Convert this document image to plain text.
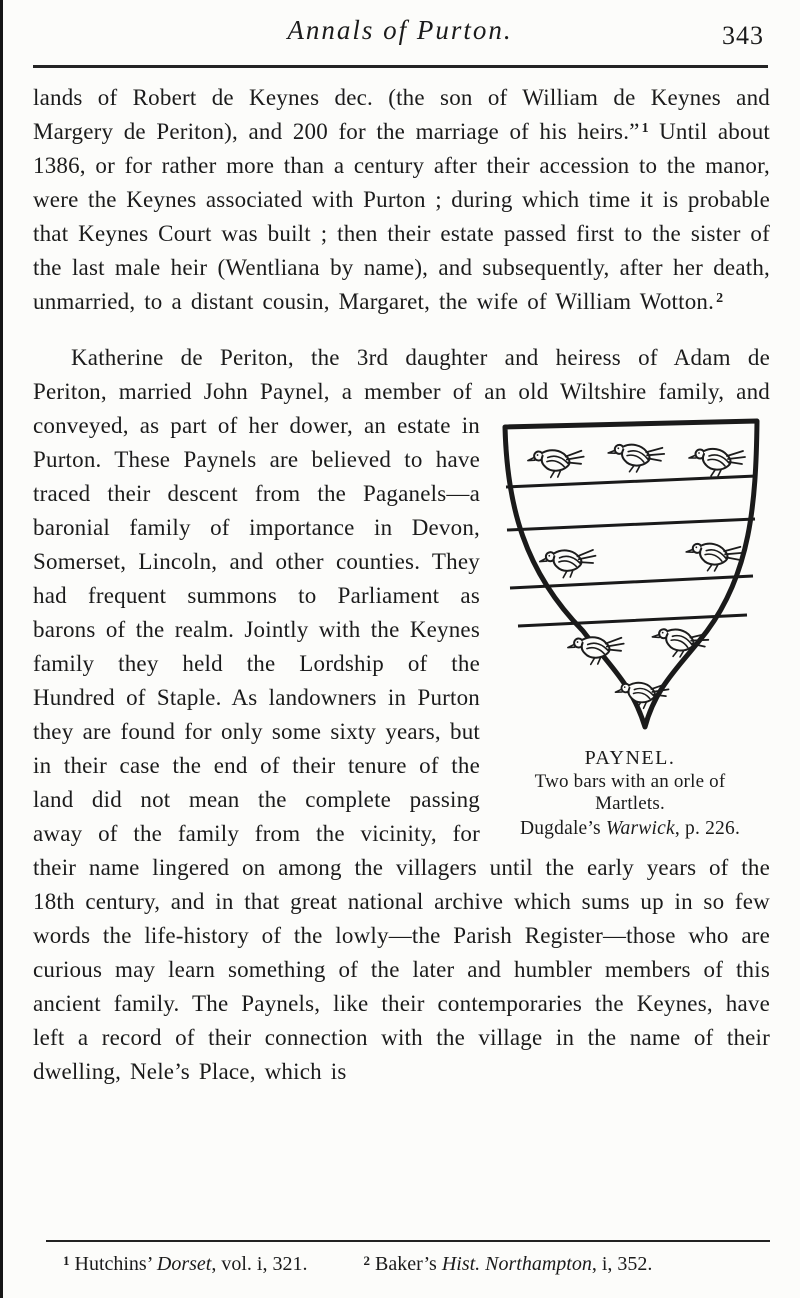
Annals of Purton.	343

lands of Robert de Keynes dec. (the son of William de Keynes and Margery de Periton), and 200 for the marriage of his heirs.” $^1$ Until about 1386, or for rather more than a century after their accession to the manor, were the Keynes associated with Purton ; during which time it is probable that Keynes Court was built ; then their estate passed first to the sister of the last male heir (Wentliana by name), and subsequently, after her death, unmarried, to a distant cousin, Margaret, the wife of William Wotton. $^2$

Katherine de Periton, the 3rd daughter and heiress of Adam de Periton, married John Paynel, a member of an old Wiltshire family, and conveyed, as part of her dower, an estate
PAYNEL.
Two bars with an orle of
Martlets.
Dugdale’s Warwick, p. 226.
in Purton. These Paynels are believed to have traced their descent from the Paganels—a baronial family of importance in Devon, Somerset, Lincoln, and other counties. They had frequent summons to Parliament as barons of the realm. Jointly with the Keynes family they held the Lordship of the Hundred of Staple. As landowners in Purton they are found for only some sixty years, but in their case the end of their tenure of the land did not mean the complete passing away of the family from the vicinity, for their name lingered on among the villagers until the early years of the 18th century, and in that great national archive which sums up in so few words the life-history of the lowly—the Parish Register—those who are curious may learn something of the later and humbler members of this ancient family. The Paynels, like their contemporaries the Keynes, have left a record of their connection with the village in the name of their dwelling, Nele’s Place, which is

$^1$ Hutchins’ Dorset, vol. i, 321.	$^2$ Baker’s Hist. Northampton, i, 352.
